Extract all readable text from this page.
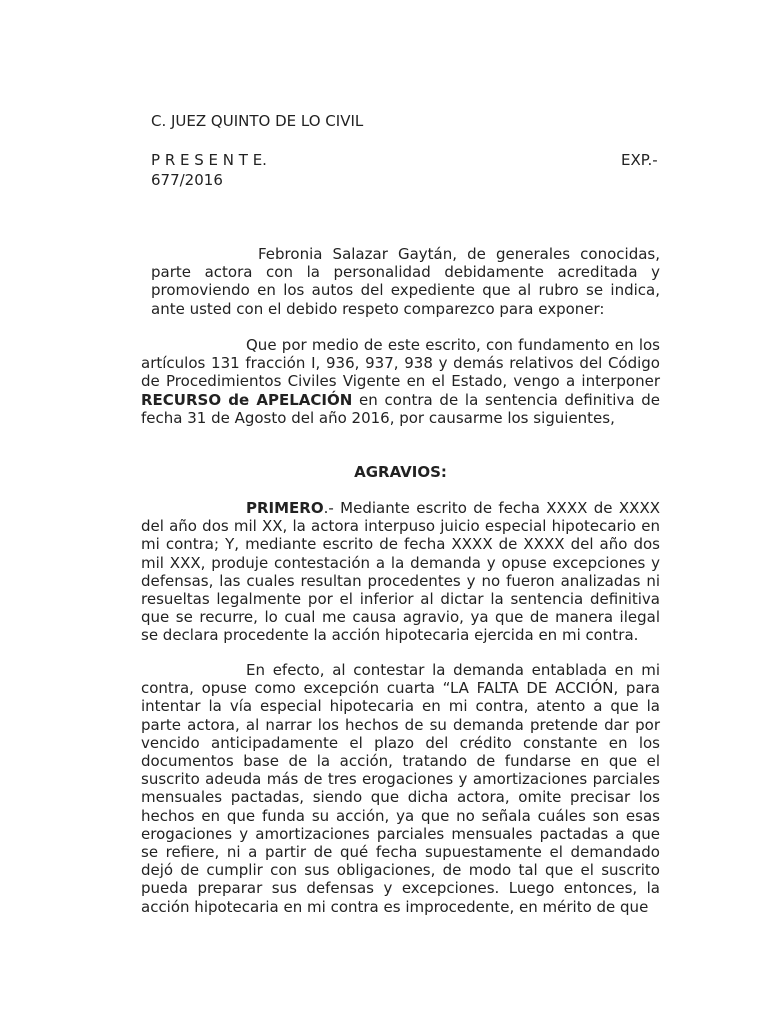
C. JUEZ QUINTO DE LO CIVIL
P R E S E N T E.	EXP.-
677/2016
Febronia Salazar Gaytán, de generales conocidas, parte actora con la personalidad debidamente acreditada y promoviendo en los autos del expediente que al rubro se indica, ante usted con el debido respeto comparezco para exponer:
Que por medio de este escrito, con fundamento en los artículos 131 fracción I, 936, 937, 938 y demás relativos del Código de Procedimientos Civiles Vigente en el Estado, vengo a interponer RECURSO de APELACIÓN en contra de la sentencia definitiva de fecha 31 de Agosto del año 2016, por causarme los siguientes,
AGRAVIOS:
PRIMERO.- Mediante escrito de fecha XXXX de XXXX del año dos mil XX, la actora interpuso juicio especial hipotecario en mi contra; Y, mediante escrito de fecha XXXX de XXXX del año dos mil XXX, produje contestación a la demanda y opuse excepciones y defensas, las cuales resultan procedentes y no fueron analizadas ni resueltas legalmente por el inferior al dictar la sentencia definitiva que se recurre, lo cual me causa agravio, ya que de manera ilegal se declara procedente la acción hipotecaria ejercida en mi contra.
En efecto, al contestar la demanda entablada en mi contra, opuse como excepción cuarta “LA FALTA DE ACCIÓN, para intentar la vía especial hipotecaria en mi contra, atento a que la parte actora, al narrar los hechos de su demanda pretende dar por vencido anticipadamente el plazo del crédito constante en los documentos base de la acción, tratando de fundarse en que el suscrito adeuda más de tres erogaciones y amortizaciones parciales mensuales pactadas, siendo que dicha actora, omite precisar los hechos en que funda su acción, ya que no señala cuáles son esas erogaciones y amortizaciones parciales mensuales pactadas a que se refiere, ni a partir de qué fecha supuestamente el demandado dejó de cumplir con sus obligaciones, de modo tal que el suscrito pueda preparar sus defensas y excepciones. Luego entonces, la acción hipotecaria en mi contra es improcedente, en mérito de que
